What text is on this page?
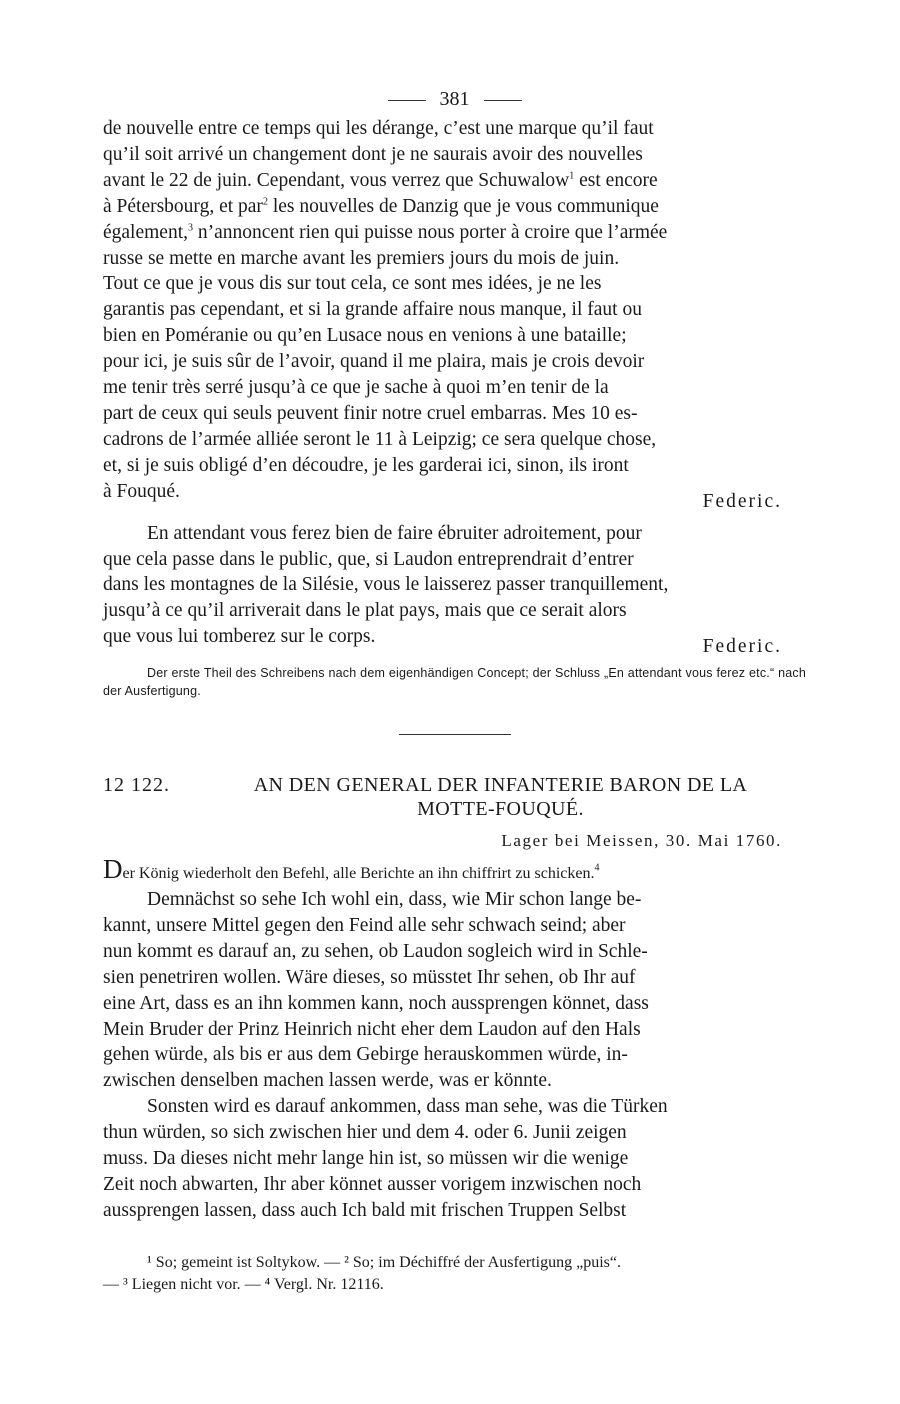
381
de nouvelle entre ce temps qui les dérange, c’est une marque qu’il faut
qu’il soit arrivé un changement dont je ne saurais avoir des nouvelles
avant le 22 de juin. Cependant, vous verrez que Schuwalow$^1$ est encore
à Pétersbourg, et par$^2$ les nouvelles de Danzig que je vous communique
également,$^3$ n’annoncent rien qui puisse nous porter à croire que l’armée
russe se mette en marche avant les premiers jours du mois de juin.
Tout ce que je vous dis sur tout cela, ce sont mes idées, je ne les
garantis pas cependant, et si la grande affaire nous manque, il faut ou
bien en Poméranie ou qu’en Lusace nous en venions à une bataille;
pour ici, je suis sûr de l’avoir, quand il me plaira, mais je crois devoir
me tenir très serré jusqu’à ce que je sache à quoi m’en tenir de la
part de ceux qui seuls peuvent finir notre cruel embarras. Mes 10 es-
cadrons de l’armée alliée seront le 11 à Leipzig; ce sera quelque chose,
et, si je suis obligé d’en découdre, je les garderai ici, sinon, ils iront
à Fouqué.	Federic.
En attendant vous ferez bien de faire ébruiter adroitement, pour
que cela passe dans le public, que, si Laudon entreprendrait d’entrer
dans les montagnes de la Silésie, vous le laisserez passer tranquillement,
jusqu’à ce qu’il arriverait dans le plat pays, mais que ce serait alors
que vous lui tomberez sur le corps.	Federic.
Der erste Theil des Schreibens nach dem eigenhändigen Concept; der Schluss „En attendant vous ferez etc.“ nach der Ausfertigung.
12 122.	AN DEN GENERAL DER INFANTERIE BARON DE LA
MOTTE-FOUQUÉ.
Lager bei Meissen, 30. Mai 1760.
Der König wiederholt den Befehl, alle Berichte an ihn chiffrirt zu schicken.$^4$
Demnächst so sehe Ich wohl ein, dass, wie Mir schon lange be-
kannt, unsere Mittel gegen den Feind alle sehr schwach seind; aber
nun kommt es darauf an, zu sehen, ob Laudon sogleich wird in Schle-
sien penetriren wollen. Wäre dieses, so müsstet Ihr sehen, ob Ihr auf
eine Art, dass es an ihn kommen kann, noch aussprengen könnet, dass
Mein Bruder der Prinz Heinrich nicht eher dem Laudon auf den Hals
gehen würde, als bis er aus dem Gebirge herauskommen würde, in-
zwischen denselben machen lassen werde, was er könnte.
Sonsten wird es darauf ankommen, dass man sehe, was die Türken
thun würden, so sich zwischen hier und dem 4. oder 6. Junii zeigen
muss. Da dieses nicht mehr lange hin ist, so müssen wir die wenige
Zeit noch abwarten, Ihr aber könnet ausser vorigem inzwischen noch
aussprengen lassen, dass auch Ich bald mit frischen Truppen Selbst
¹ So; gemeint ist Soltykow. — ² So; im Déchiffré der Ausfertigung „puis“.
— ³ Liegen nicht vor. — ⁴ Vergl. Nr. 12116.
